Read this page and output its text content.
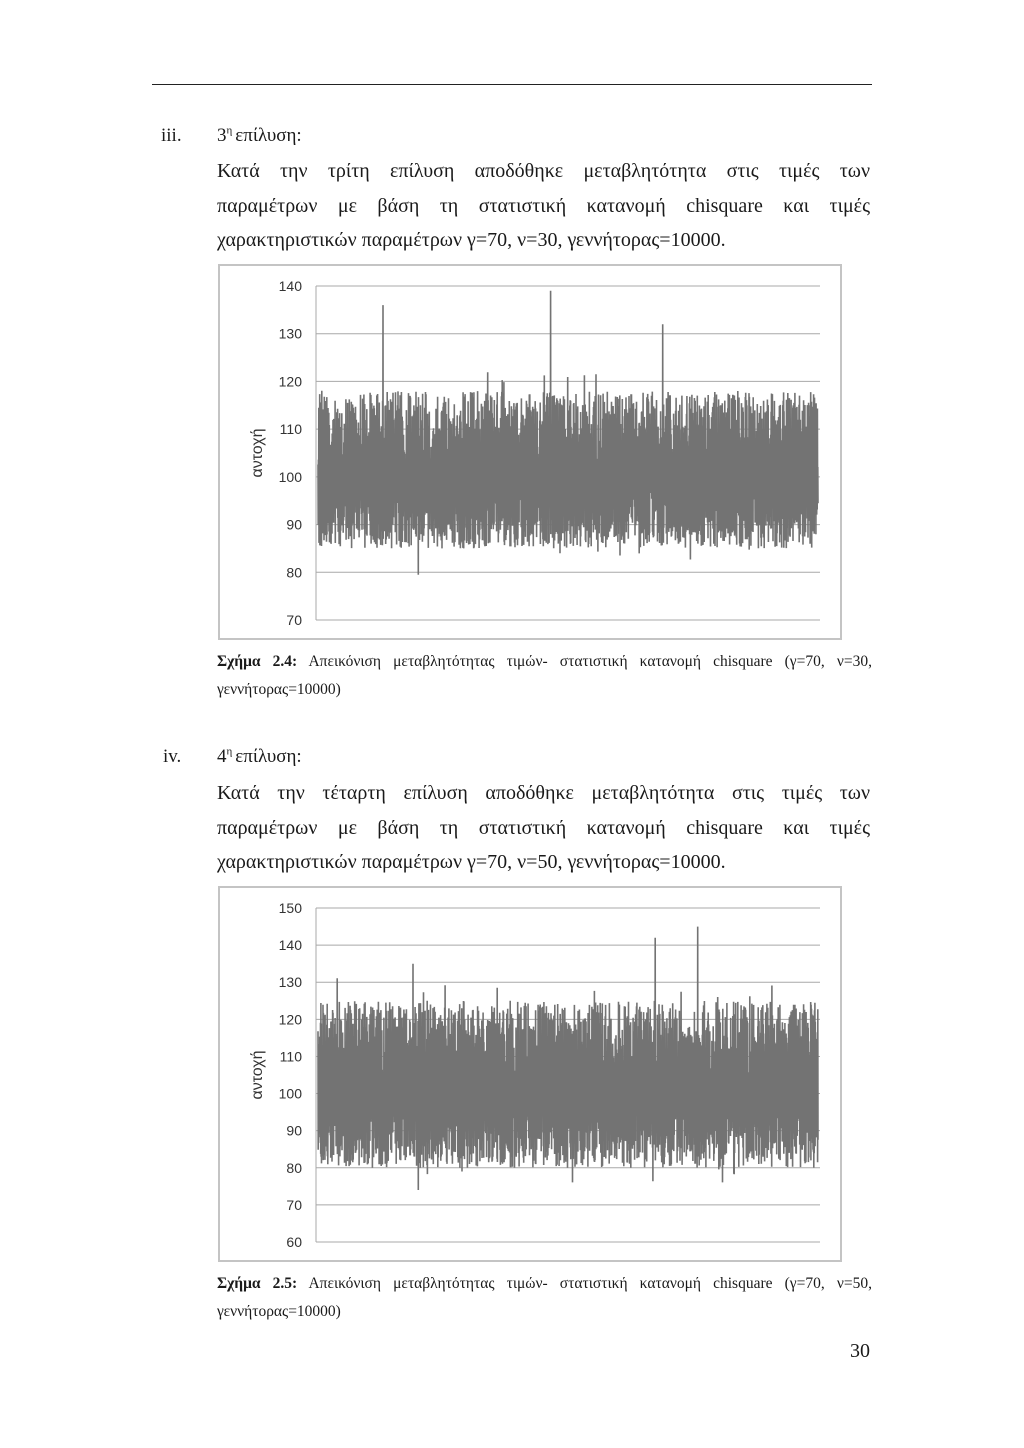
iii. $3^\eta$ επίλυση:
Κατά την τρίτη επίλυση αποδόθηκε μεταβλητότητα στις τιμές των
παραμέτρων με βάση τη στατιστική κατανομή chisquare και τιμές
χαρακτηριστικών παραμέτρων γ=70, ν=30, γεννήτορας=10000.
70
80
90
100
110
120
130
140
αντοχή
Σχήμα 2.4: Απεικόνιση μεταβλητότητας τιμών- στατιστική κατανομή chisquare (γ=70, ν=30,
γεννήτορας=10000)
iv. $4^\eta$ επίλυση:
Κατά την τέταρτη επίλυση αποδόθηκε μεταβλητότητα στις τιμές των
παραμέτρων με βάση τη στατιστική κατανομή chisquare και τιμές
χαρακτηριστικών παραμέτρων γ=70, ν=50, γεννήτορας=10000.
60
70
80
90
100
110
120
130
140
150
αντοχή
Σχήμα 2.5: Απεικόνιση μεταβλητότητας τιμών- στατιστική κατανομή chisquare (γ=70, ν=50,
γεννήτορας=10000)
30
